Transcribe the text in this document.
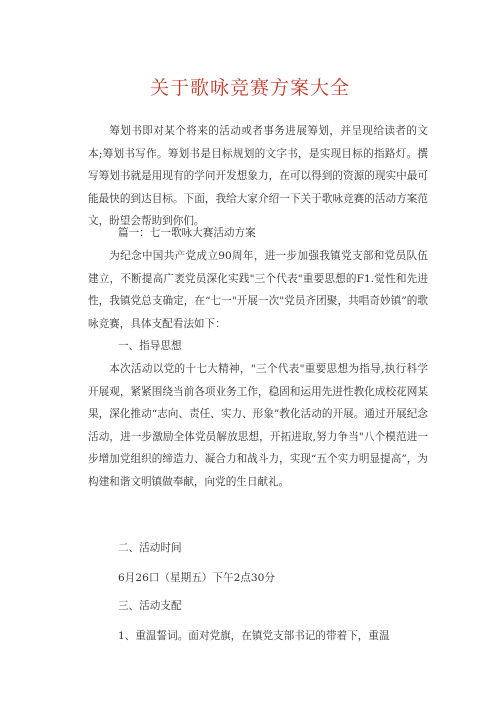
关于歌咏竞赛方案大全

筹划书即对某个将来的活动或者事务进展筹划，并呈现给读者的文本;筹划书写作。筹划书是目标规划的文字书，是实现目标的指路灯。撰写筹划书就是用现有的学问开发想象力，在可以得到的资源的现实中最可能最快的到达目标。下面，我给大家介绍一下关于歌咏竞赛的活动方案范文，盼望会帮助到你们。

篇一：七一歌咏大赛活动方案

为纪念中国共产党成立90周年，进一步加强我镇党支部和党员队伍建立，不断提高广袤党员深化实践"三个代表"重要思想的F1.觉性和先进性，我镇党总支确定，在“七一"开展一次"党员齐团聚，共唱奇妙镇”的歌咏竞赛，具体支配看法如下：

一、指导思想

本次活动以党的十七大精神，"三个代表"重要思想为指导,执行科学开展观，紧紧围绕当前各项业务工作，稳固和运用先进性教化成校花网某果，深化推动“志向、责任、实力、形象”教化活动的开展。通过开展纪念活动，进一步激励全体党员解放思想，开拓进取,努力争当"八个模范进一步增加党组织的缔造力、凝合力和战斗力，实现“五个实力明显提高”，为构建和谐文明镇做奉献，向党的生日献礼。

二、活动时间
6月26口（星期五）下午2点30分
三、活动支配
1、重温誓词。面对党旗，在镇党支部书记的带着下，重温
